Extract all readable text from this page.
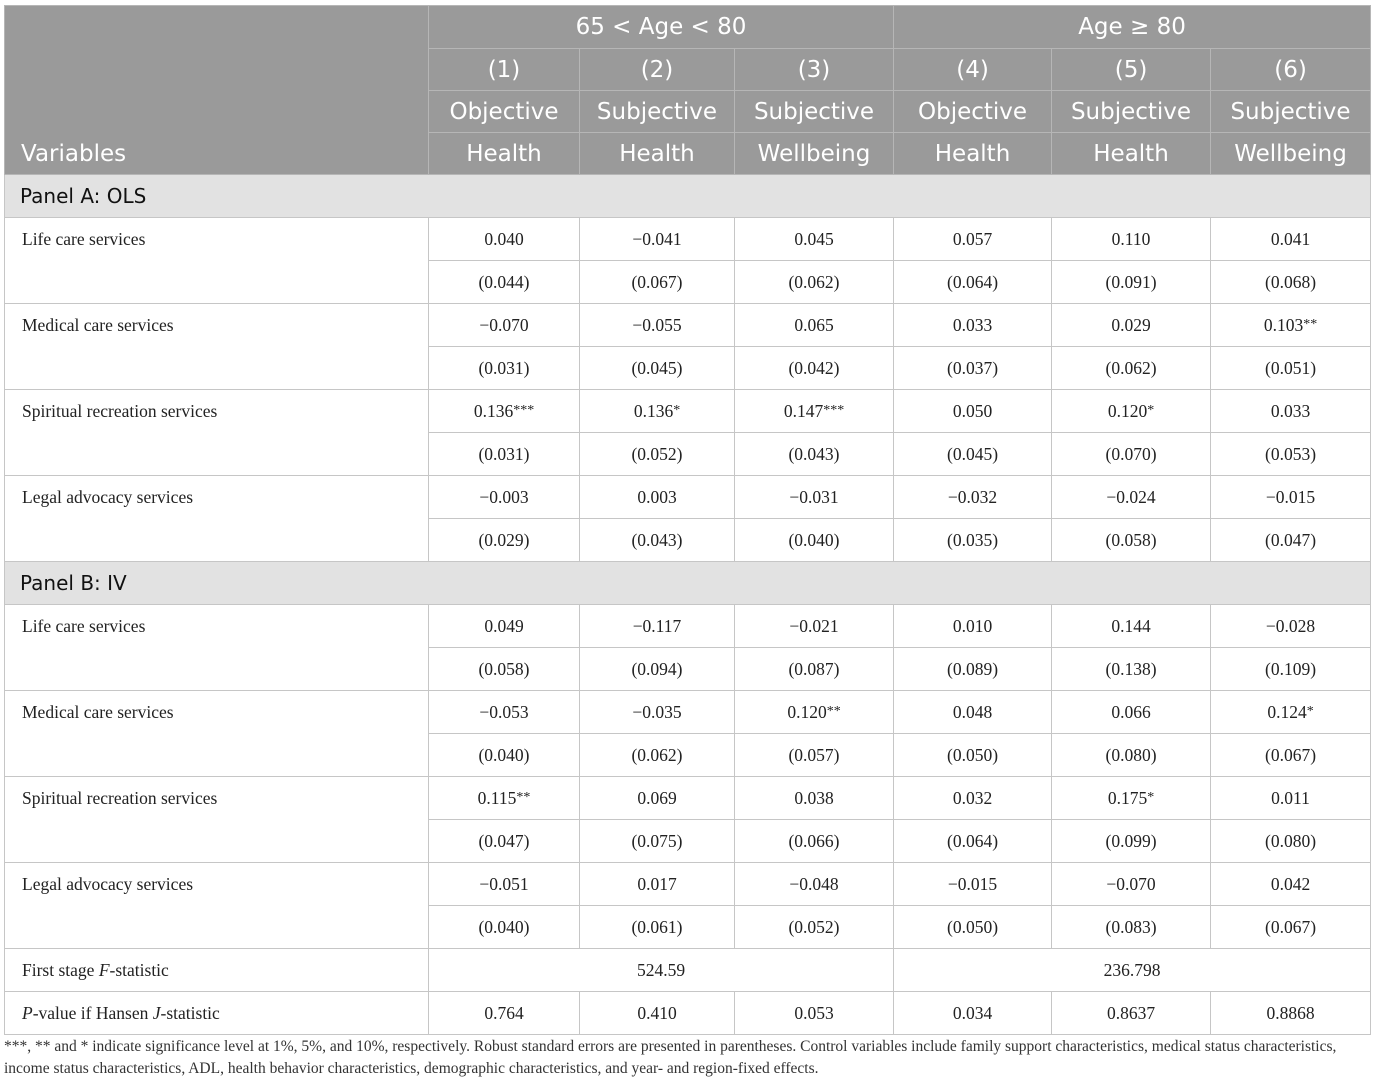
Variables	65 < Age < 80			Age ≥ 80		
	(1)	(2)	(3)	(4)	(5)	(6)
	Objective	Subjective	Subjective	Objective	Subjective	Subjective
	Health	Health	Wellbeing	Health	Health	Wellbeing
Panel A: OLS						
Life care services	0.040	−0.041	0.045	0.057	0.110	0.041
	(0.044)	(0.067)	(0.062)	(0.064)	(0.091)	(0.068)
Medical care services	−0.070	−0.055	0.065	0.033	0.029	0.103**
	(0.031)	(0.045)	(0.042)	(0.037)	(0.062)	(0.051)
Spiritual recreation services	0.136***	0.136*	0.147***	0.050	0.120*	0.033
	(0.031)	(0.052)	(0.043)	(0.045)	(0.070)	(0.053)
Legal advocacy services	−0.003	0.003	−0.031	−0.032	−0.024	−0.015
	(0.029)	(0.043)	(0.040)	(0.035)	(0.058)	(0.047)
Panel B: IV						
Life care services	0.049	−0.117	−0.021	0.010	0.144	−0.028
	(0.058)	(0.094)	(0.087)	(0.089)	(0.138)	(0.109)
Medical care services	−0.053	−0.035	0.120**	0.048	0.066	0.124*
	(0.040)	(0.062)	(0.057)	(0.050)	(0.080)	(0.067)
Spiritual recreation services	0.115**	0.069	0.038	0.032	0.175*	0.011
	(0.047)	(0.075)	(0.066)	(0.064)	(0.099)	(0.080)
Legal advocacy services	−0.051	0.017	−0.048	−0.015	−0.070	0.042
	(0.040)	(0.061)	(0.052)	(0.050)	(0.083)	(0.067)
First stage F-statistic	524.59			236.798		
P-value if Hansen J-statistic	0.764	0.410	0.053	0.034	0.8637	0.8868
***, ** and * indicate significance level at 1%, 5%, and 10%, respectively. Robust standard errors are presented in parentheses. Control variables include family support characteristics, medical status characteristics, income status characteristics, ADL, health behavior characteristics, demographic characteristics, and year- and region-fixed effects.
